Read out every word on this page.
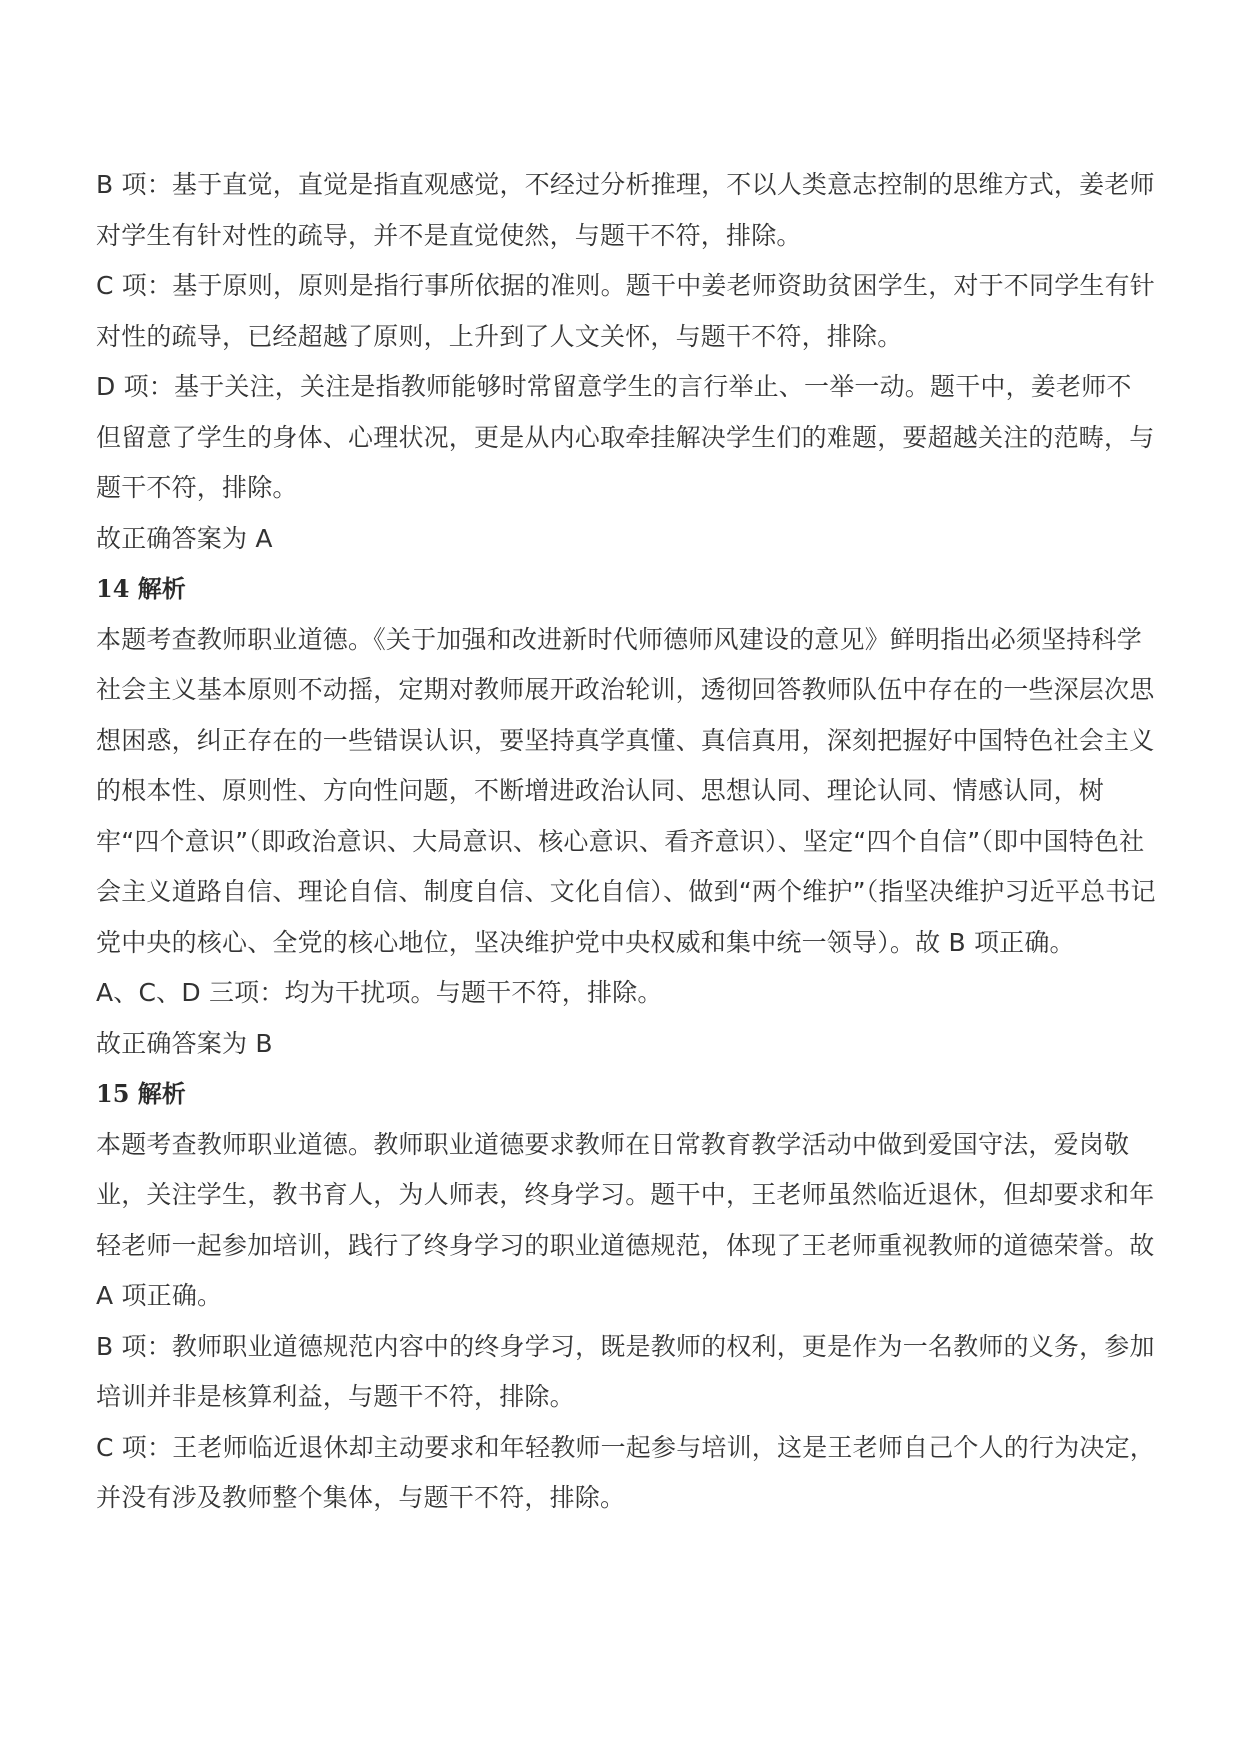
B 项：基于直觉，直觉是指直观感觉，不经过分析推理，不以人类意志控制的思维方式，姜老师对学生有针对性的疏导，并不是直觉使然，与题干不符，排除。

C 项：基于原则，原则是指行事所依据的准则。题干中姜老师资助贫困学生，对于不同学生有针对性的疏导，已经超越了原则，上升到了人文关怀，与题干不符，排除。

D 项：基于关注，关注是指教师能够时常留意学生的言行举止、一举一动。题干中，姜老师不但留意了学生的身体、心理状况，更是从内心取牵挂解决学生们的难题，要超越关注的范畴，与题干不符，排除。

故正确答案为 A

14 解析

本题考查教师职业道德。《关于加强和改进新时代师德师风建设的意见》鲜明指出必须坚持科学社会主义基本原则不动摇，定期对教师展开政治轮训，透彻回答教师队伍中存在的一些深层次思想困惑，纠正存在的一些错误认识，要坚持真学真懂、真信真用，深刻把握好中国特色社会主义的根本性、原则性、方向性问题，不断增进政治认同、思想认同、理论认同、情感认同，树牢“四个意识”（即政治意识、大局意识、核心意识、看齐意识）、坚定“四个自信”（即中国特色社会主义道路自信、理论自信、制度自信、文化自信）、做到“两个维护”（指坚决维护习近平总书记党中央的核心、全党的核心地位，坚决维护党中央权威和集中统一领导）。故 B 项正确。

A、C、D 三项：均为干扰项。与题干不符，排除。

故正确答案为 B

15 解析

本题考查教师职业道德。教师职业道德要求教师在日常教育教学活动中做到爱国守法，爱岗敬业，关注学生，教书育人，为人师表，终身学习。题干中，王老师虽然临近退休，但却要求和年轻老师一起参加培训，践行了终身学习的职业道德规范，体现了王老师重视教师的道德荣誉。故 A 项正确。

B 项：教师职业道德规范内容中的终身学习，既是教师的权利，更是作为一名教师的义务，参加培训并非是核算利益，与题干不符，排除。

C 项：王老师临近退休却主动要求和年轻教师一起参与培训，这是王老师自己个人的行为决定，并没有涉及教师整个集体，与题干不符，排除。
